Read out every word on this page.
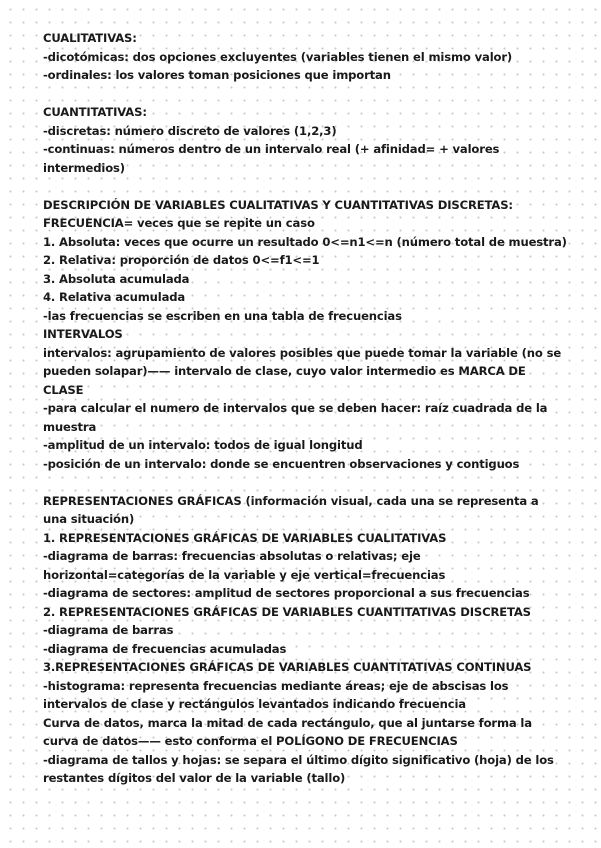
CUALITATIVAS:
-dicotómicas: dos opciones excluyentes (variables tienen el mismo valor)
-ordinales: los valores toman posiciones que importan
CUANTITATIVAS:
-discretas: número discreto de valores (1,2,3)
-continuas: números dentro de un intervalo real (+ afinidad= + valores
intermedios)
DESCRIPCIÓN DE VARIABLES CUALITATIVAS Y CUANTITATIVAS DISCRETAS:
FRECUENCIA= veces que se repite un caso
1. Absoluta: veces que ocurre un resultado 0<=n1<=n (número total de muestra)
2. Relativa: proporción de datos 0<=f1<=1
3. Absoluta acumulada
4. Relativa acumulada
-las frecuencias se escriben en una tabla de frecuencias
INTERVALOS
intervalos: agrupamiento de valores posibles que puede tomar la variable (no se
pueden solapar)—— intervalo de clase, cuyo valor intermedio es MARCA DE
CLASE
-para calcular el numero de intervalos que se deben hacer: raíz cuadrada de la
muestra
-amplitud de un intervalo: todos de igual longitud
-posición de un intervalo: donde se encuentren observaciones y contiguos
REPRESENTACIONES GRÁFICAS (información visual, cada una se representa a
una situación)
1. REPRESENTACIONES GRÁFICAS DE VARIABLES CUALITATIVAS
-diagrama de barras: frecuencias absolutas o relativas; eje
horizontal=categorías de la variable y eje vertical=frecuencias
-diagrama de sectores: amplitud de sectores proporcional a sus frecuencias
2. REPRESENTACIONES GRÁFICAS DE VARIABLES CUANTITATIVAS DISCRETAS
-diagrama de barras
-diagrama de frecuencias acumuladas
3.REPRESENTACIONES GRÁFICAS DE VARIABLES CUANTITATIVAS CONTINUAS
-histograma: representa frecuencias mediante áreas; eje de abscisas los
intervalos de clase y rectángulos levantados indicando frecuencia
Curva de datos, marca la mitad de cada rectángulo, que al juntarse forma la
curva de datos—— esto conforma el POLÍGONO DE FRECUENCIAS
-diagrama de tallos y hojas: se separa el último dígito significativo (hoja) de los
restantes dígitos del valor de la variable (tallo)
